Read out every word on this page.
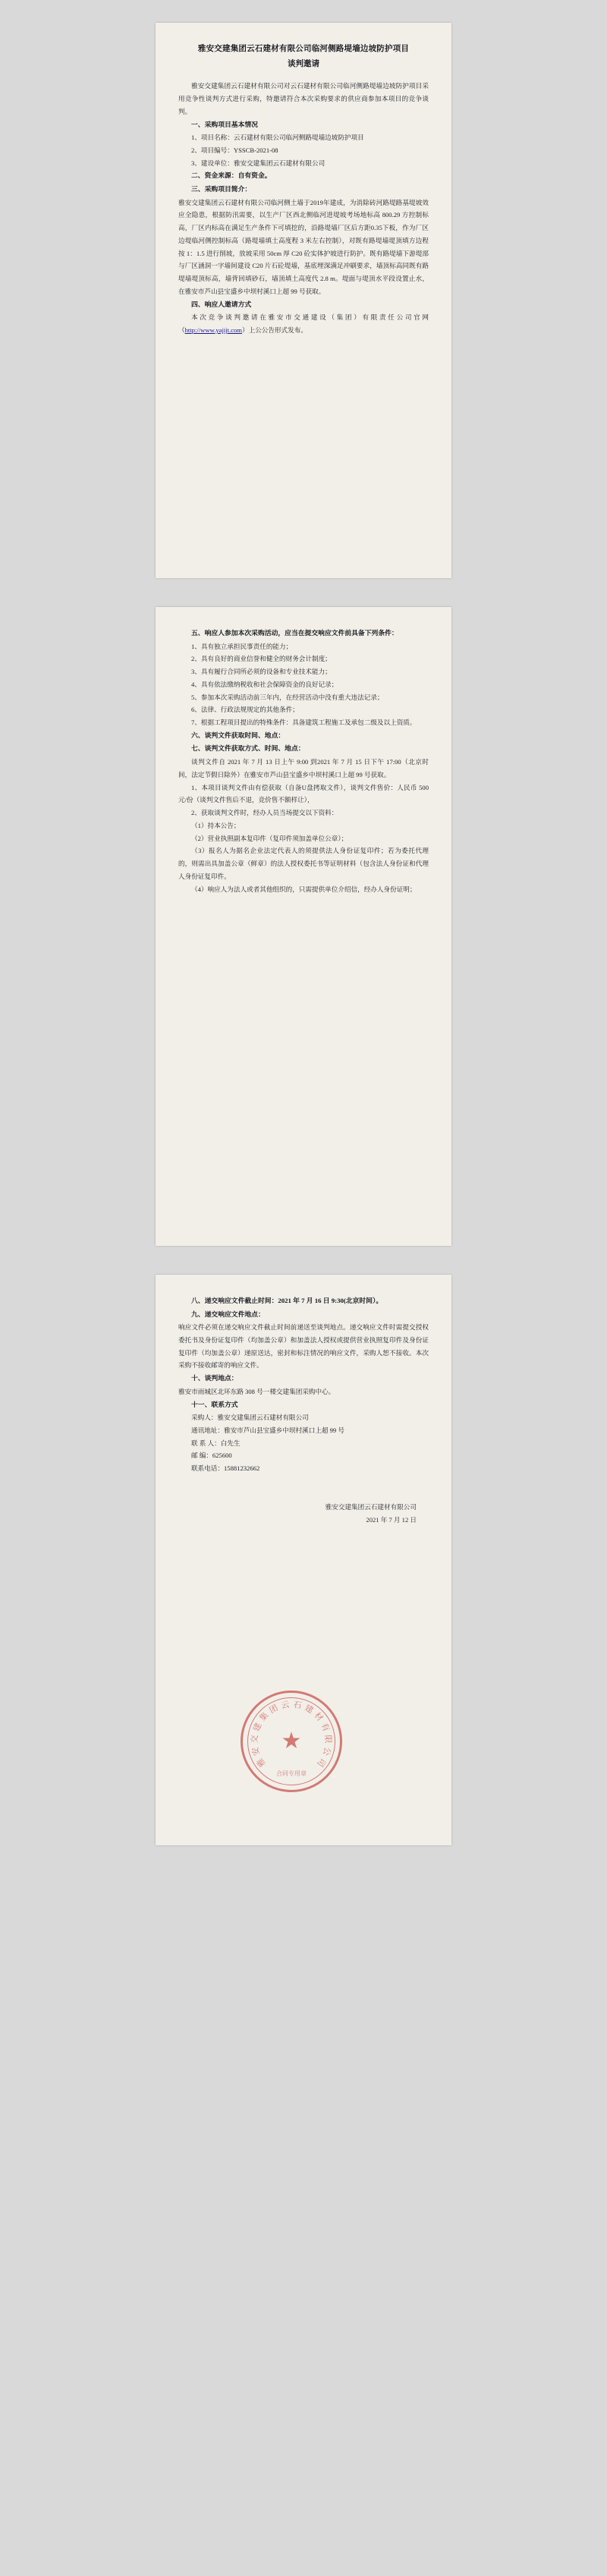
雅安交建集团云石建材有限公司临河侧路堤墙边坡防护项目
谈判邀请

雅安交建集团云石建材有限公司对云石建材有限公司临河侧路堤墙边坡防护项目采用竞争性谈判方式进行采购，特邀请符合本次采购要求的供应商参加本项目的竞争谈判。

一、采购项目基本情况

1、项目名称：云石建材有限公司临河侧路堤墙边坡防护项目

2、项目编号：YSSCB-2021-08

3、建设单位：雅安交建集团云石建材有限公司

二、资金来源：自有资金。

三、采购项目简介：

雅安交建集团云石建材有限公司临河侧土墙于2019年建成，为消除砖河路堤路基堤坡效应全隐患，根据防汛需要，以生产厂区西北侧临河进堤坡考场地标高 800.29 方控制标高，厂区内标高在满足生产条件下可填挖的，沿路堤墙厂区后方距0.35下板，作为厂区边堤临河侧控制标高（路堤墙填土高度程 3 米左右控制），对既有路堤墙堤顶填方边程按 1：1.5 进行削坡，放坡采用 50cm 厚 C20 砼实体护坡进行防护。既有路堤墙下游堤部与厂区涵洞一字墙间建设 C20 片石砼堤墙，基底埋深满足冲刷要求，墙顶标高同既有路堤墙堤顶标高，墙背回填砂石，墙顶填土高度代 2.8 m。堤面与堤顶水平段设置止水，在雅安市芦山县宝盛乡中坝村溪口上超 99 号获取。

四、响应人邀请方式

本次竞争谈判邀请在雅安市交通建设（集团）有限责任公司官网（http://www.yajijt.com）上公公告形式发布。

五、响应人参加本次采购活动，应当在提交响应文件前具备下列条件：

1、具有独立承担民事责任的能力；

2、具有良好的商业信誉和健全的财务会计制度；

3、具有履行合同所必须的设备和专业技术能力；

4、具有依法缴纳税收和社会保障资金的良好记录；

5、参加本次采购活动前三年内，在经营活动中没有重大违法记录；

6、法律、行政法规规定的其他条件；

7、根据工程项目提出的特殊条件：具备建筑工程施工及承包二级及以上资质。

六、谈判文件获取时间、地点：

七、谈判文件获取方式、时间、地点：

谈判文件自 2021 年 7 月 13 日上午 9:00 到2021 年 7 月 15 日下午 17:00（北京时间，法定节假日除外）在雅安市芦山县宝盛乡中坝村溪口上超 99 号获取。

1、本项目谈判文件由有偿获取（自备U盘拷取文件），谈判文件售价：人民币 500 元/份（谈判文件售后不退，竞价售不额样让），

2、获取谈判文件时，经办人员当场提交以下资料：

（1）持本公告；

（2）营业执照副本复印件（复印件须加盖单位公章）；

（3）报名人为据名企业法定代表人的须提供法人身份证复印件；若为委托代理的，则需出具加盖公章（鲜章）的法人授权委托书等证明材料（包含法人身份证和代理人身份证复印件。

（4）响应人为法人或者其他组织的，只需提供单位介绍信，经办人身份证明；

八、递交响应文件截止时间：2021 年 7 月 16 日 9:30(北京时间）。

九、递交响应文件地点：

响应文件必须在递交响应文件截止时间前递送至谈判地点。递交响应文件时需提交授权委托书及身份证复印件（均加盖公章）和加盖法人授权或提供营业执照复印件及身份证复印件（均加盖公章）递原送达，密封和标注情况的响应文件，采购人恕不接收。本次采购不接收邮寄的响应文件。

十、谈判地点：

雅安市雨城区北环东路 308 号一楼交建集团采购中心。

十一、联系方式

采购人：雅安交建集团云石建材有限公司

通讯地址：雅安市芦山县宝盛乡中坝村溪口上超 99 号

联 系 人：白先生

邮 编：625600

联系电话：15881232662

★
雅
安
交
建
集
团 云 石 建
材
有
限
公
司
合同专用章
雅安交建集团云石建材有限公司
2021 年 7 月 12 日
